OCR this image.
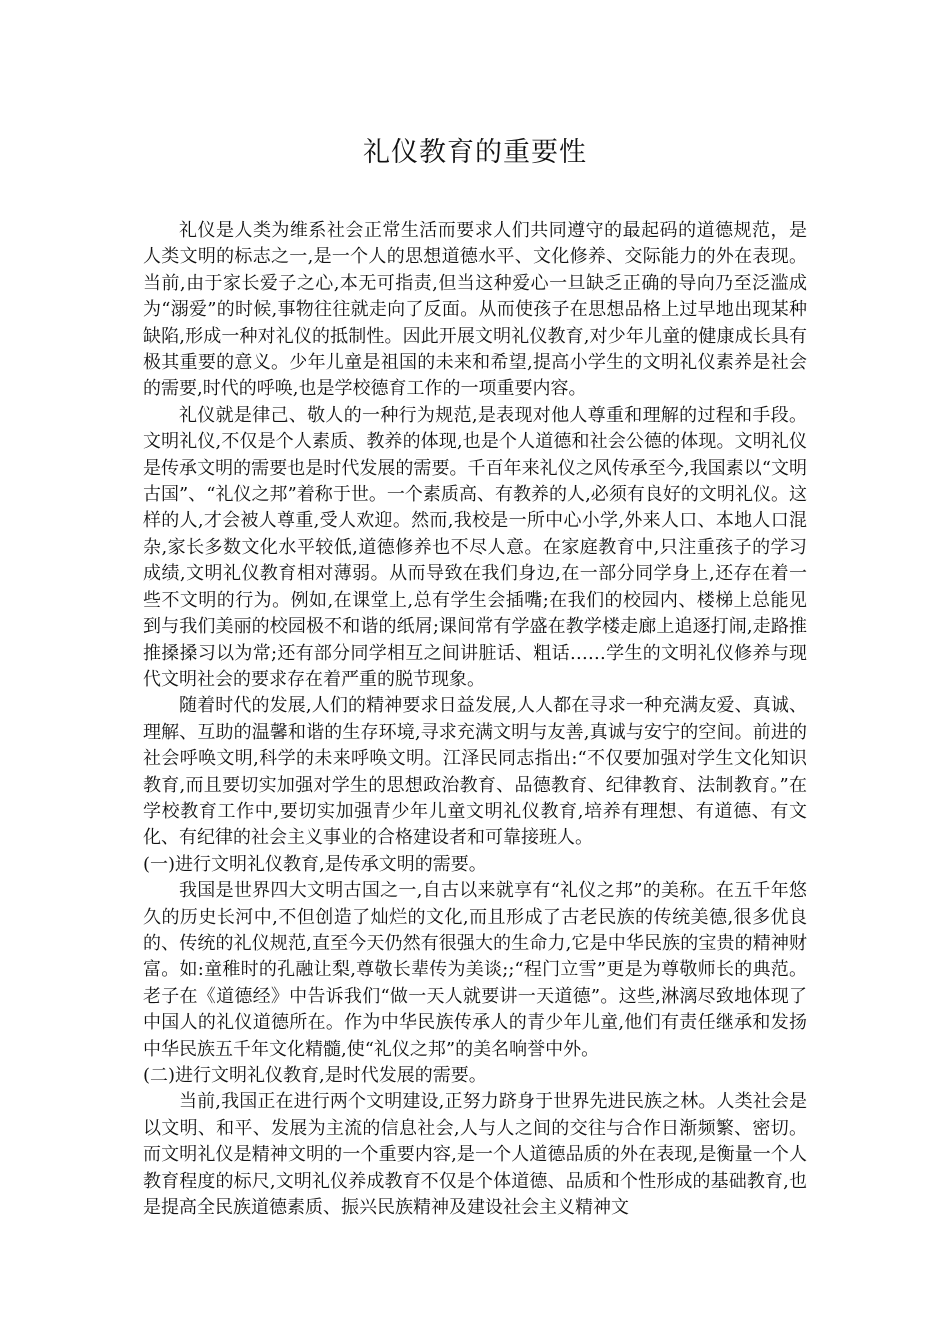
礼仪教育的重要性

礼仪是人类为维系社会正常生活而要求人们共同遵守的最起码的道德规范，是人类文明的标志之一,是一个人的思想道德水平、文化修养、交际能力的外在表现。当前,由于家长爱子之心,本无可指责,但当这种爱心一旦缺乏正确的导向乃至泛滥成为“溺爱”的时候,事物往往就走向了反面。从而使孩子在思想品格上过早地出现某种缺陷,形成一种对礼仪的抵制性。因此开展文明礼仪教育,对少年儿童的健康成长具有极其重要的意义。少年儿童是祖国的未来和希望,提高小学生的文明礼仪素养是社会的需要,时代的呼唤,也是学校德育工作的一项重要内容。

礼仪就是律己、敬人的一种行为规范,是表现对他人尊重和理解的过程和手段。文明礼仪,不仅是个人素质、教养的体现,也是个人道德和社会公德的体现。文明礼仪是传承文明的需要也是时代发展的需要。千百年来礼仪之风传承至今,我国素以“文明古国”、“礼仪之邦”着称于世。一个素质高、有教养的人,必须有良好的文明礼仪。这样的人,才会被人尊重,受人欢迎。然而,我校是一所中心小学,外来人口、本地人口混杂,家长多数文化水平较低,道德修养也不尽人意。在家庭教育中,只注重孩子的学习成绩,文明礼仪教育相对薄弱。从而导致在我们身边,在一部分同学身上,还存在着一些不文明的行为。例如,在课堂上,总有学生会插嘴;在我们的校园内、楼梯上总能见到与我们美丽的校园极不和谐的纸屑;课间常有学盛在教学楼走廊上追逐打闹,走路推推搡搡习以为常;还有部分同学相互之间讲脏话、粗话……学生的文明礼仪修养与现代文明社会的要求存在着严重的脱节现象。

随着时代的发展,人们的精神要求日益发展,人人都在寻求一种充满友爱、真诚、理解、互助的温馨和谐的生存环境,寻求充满文明与友善,真诚与安宁的空间。前进的社会呼唤文明,科学的未来呼唤文明。江泽民同志指出:“不仅要加强对学生文化知识教育,而且要切实加强对学生的思想政治教育、品德教育、纪律教育、法制教育。”在学校教育工作中,要切实加强青少年儿童文明礼仪教育,培养有理想、有道德、有文化、有纪律的社会主义事业的合格建设者和可靠接班人。

(一)进行文明礼仪教育,是传承文明的需要。

我国是世界四大文明古国之一,自古以来就享有“礼仪之邦”的美称。在五千年悠久的历史长河中,不但创造了灿烂的文化,而且形成了古老民族的传统美德,很多优良的、传统的礼仪规范,直至今天仍然有很强大的生命力,它是中华民族的宝贵的精神财富。如:童稚时的孔融让梨,尊敬长辈传为美谈;;“程门立雪”更是为尊敬师长的典范。老子在《道德经》中告诉我们“做一天人就要讲一天道德”。这些,淋漓尽致地体现了中国人的礼仪道德所在。作为中华民族传承人的青少年儿童,他们有责任继承和发扬中华民族五千年文化精髓,使“礼仪之邦”的美名响誉中外。

(二)进行文明礼仪教育,是时代发展的需要。

当前,我国正在进行两个文明建设,正努力跻身于世界先进民族之林。人类社会是以文明、和平、发展为主流的信息社会,人与人之间的交往与合作日渐频繁、密切。而文明礼仪是精神文明的一个重要内容,是一个人道德品质的外在表现,是衡量一个人教育程度的标尺,文明礼仪养成教育不仅是个体道德、品质和个性形成的基础教育,也是提高全民族道德素质、振兴民族精神及建设社会主义精神文
